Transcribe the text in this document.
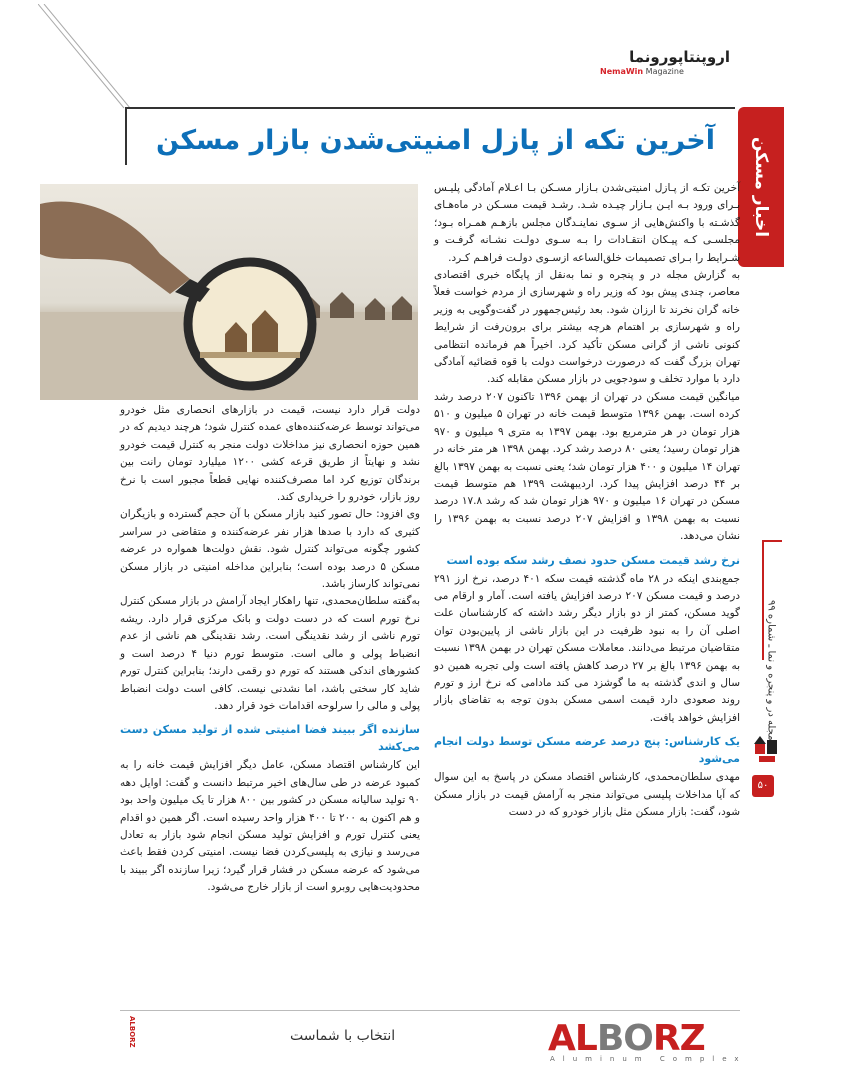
اروپنتاپورونما
NemaWin Magazine
آخرین تکه از پازل امنیتی‌شدن بازار مسکن اخبار مسکن
مجله در و پنجره و نما ـ شماره ۹۹
۵۰

آخرین تکـه از پـازل امنیتی‌شدن بـازار مسـکن بـا اعـلام آمادگی پلیـس بـرای ورود بـه ایـن بـازار چیـده شـد. رشـد قیمت مسـکن در ماه‌هـای گذشـته با واکنش‌هایی از سـوی نماینـدگان مجلس بازهـم همـراه بـود؛ مجلسـی کـه پیـکان انتقـادات را بـه سـوی دولـت نشـانه گرفـت و شـرایط را بـرای تصمیمات خلق‌الساعه ازسـوی دولـت فراهـم کـرد.

به گزارش مجله در و پنجره و نما به‌نقل از پایگاه خبری اقتصادی معاصر، چندی پیش بود که وزیر راه و شهرسازی از مردم خواست فعلاً خانه گران نخرند تا ارزان شود. بعد رئیس‌جمهور در گفت‌وگویی به وزیر راه و شهرسازی بر اهتمام هرچه بیشتر برای برون‌رفت از شرایط کنونی ناشی از گرانی مسکن تأکید کرد. اخیراً هم فرمانده انتظامی تهران بزرگ گفت که درصورت درخواست دولت با قوه قضائیه آمادگی دارد با موارد تخلف و سودجویی در بازار مسکن مقابله کند.

میانگین قیمت مسکن در تهران از بهمن ۱۳۹۶ تاکنون ۲۰۷ درصد رشد کرده است. بهمن ۱۳۹۶ متوسط قیمت خانه در تهران ۵ میلیون و ۵۱۰ هزار تومان در هر مترمربع بود. بهمن ۱۳۹۷ به متری ۹ میلیون و ۹۷۰ هزار تومان رسید؛ یعنی ۸۰ درصد رشد کرد. بهمن ۱۳۹۸ هر متر خانه در تهران ۱۴ میلیون و ۴۰۰ هزار تومان شد؛ یعنی نسبت به بهمن ۱۳۹۷ بالغ بر ۴۴ درصد افزایش پیدا کرد. اردیبهشت ۱۳۹۹ هم متوسط قیمت مسکن در تهران ۱۶ میلیون و ۹۷۰ هزار تومان شد که رشد ۱۷.۸ درصد نسبت به بهمن ۱۳۹۸ و افزایش ۲۰۷ درصد نسبت به بهمن ۱۳۹۶ را نشان می‌دهد.

نرخ رشد قیمت مسکن حدود نصف رشد سکه بوده است

جمع‌بندی اینکه در ۲۸ ماه گذشته قیمت سکه ۴۰۱ درصد، نرخ ارز ۲۹۱ درصد و قیمت مسکن ۲۰۷ درصد افزایش یافته است. آمار و ارقام می گوید مسکن، کمتر از دو بازار دیگر رشد داشته که کارشناسان علت اصلی آن را به نبود ظرفیت در این بازار ناشی از پایین‌بودن توان متقاضیان مرتبط می‌دانند. معاملات مسکن تهران در بهمن ۱۳۹۸ نسبت به بهمن ۱۳۹۶ بالغ بر ۲۷ درصد کاهش یافته است ولی تجربه همین دو سال و اندی گذشته به ما گوشزد می کند مادامی که نرخ ارز و تورم روند صعودی دارد قیمت اسمی مسکن بدون توجه به تقاضای بازار افزایش خواهد یافت.

یک کارشناس: پنج درصد عرضه مسکن توسط دولت انجام می‌شود

مهدی سلطان‌محمدی، کارشناس اقتصاد مسکن در پاسخ به این سوال که آیا مداخلات پلیسی می‌تواند منجر به آرامش قیمت در بازار مسکن شود، گفت: بازار مسکن مثل بازار خودرو که در دست

دولت قرار دارد نیست، قیمت در بازارهای انحصاری مثل خودرو می‌تواند توسط عرضه‌کننده‌های عمده کنترل شود؛ هرچند دیدیم که در همین حوزه انحصاری نیز مداخلات دولت منجر به کنترل قیمت خودرو نشد و نهایتاً از طریق قرعه کشی ۱۲۰۰ میلیارد تومان رانت بین برندگان توزیع کرد اما مصرف‌کننده نهایی قطعاً مجبور است با نرخ روز بازار، خودرو را خریداری کند.

وی افزود: حال تصور کنید بازار مسکن با آن حجم گسترده و بازیگران کثیری که دارد با صدها هزار نفر عرضه‌کننده و متقاضی در سراسر کشور چگونه می‌تواند کنترل شود. نقش دولت‌ها همواره در عرضه مسکن ۵ درصد بوده است؛ بنابراین مداخله امنیتی در بازار مسکن نمی‌تواند کارساز باشد.

به‌گفته سلطان‌محمدی، تنها راهکار ایجاد آرامش در بازار مسکن کنترل نرخ تورم است که در دست دولت و بانک مرکزی قرار دارد. ریشه تورم ناشی از رشد نقدینگی است. رشد نقدینگی هم ناشی از عدم انضباط پولی و مالی است. متوسط تورم دنیا ۴ درصد است و کشورهای اندکی هستند که تورم دو رقمی دارند؛ بنابراین کنترل تورم شاید کار سختی باشد، اما نشدنی نیست. کافی است دولت انضباط پولی و مالی را سرلوحه اقدامات خود قرار دهد.

سازنده اگر ببیند فضا امنیتی شده از تولید مسکن دست می‌کشد

این کارشناس اقتصاد مسکن، عامل دیگر افزایش قیمت خانه را به کمبود عرضه در طی سال‌های اخیر مرتبط دانست و گفت: اوایل دهه ۹۰ تولید سالیانه مسکن در کشور بین ۸۰۰ هزار تا یک میلیون واحد بود و هم اکنون به ۲۰۰ تا ۴۰۰ هزار واحد رسیده است. اگر همین دو اقدام یعنی کنترل تورم و افزایش تولید مسکن انجام شود بازار به تعادل می‌رسد و نیازی به پلیسی‌کردن فضا نیست. امنیتی کردن فقط باعث می‌شود که عرضه مسکن در فشار قرار گیرد؛ زیرا سازنده اگر ببیند با محدودیت‌هایی روبرو است از بازار خارج می‌شود.

ALBORZ	انتخاب با شماست	ALBORZ
Aluminum Complex
